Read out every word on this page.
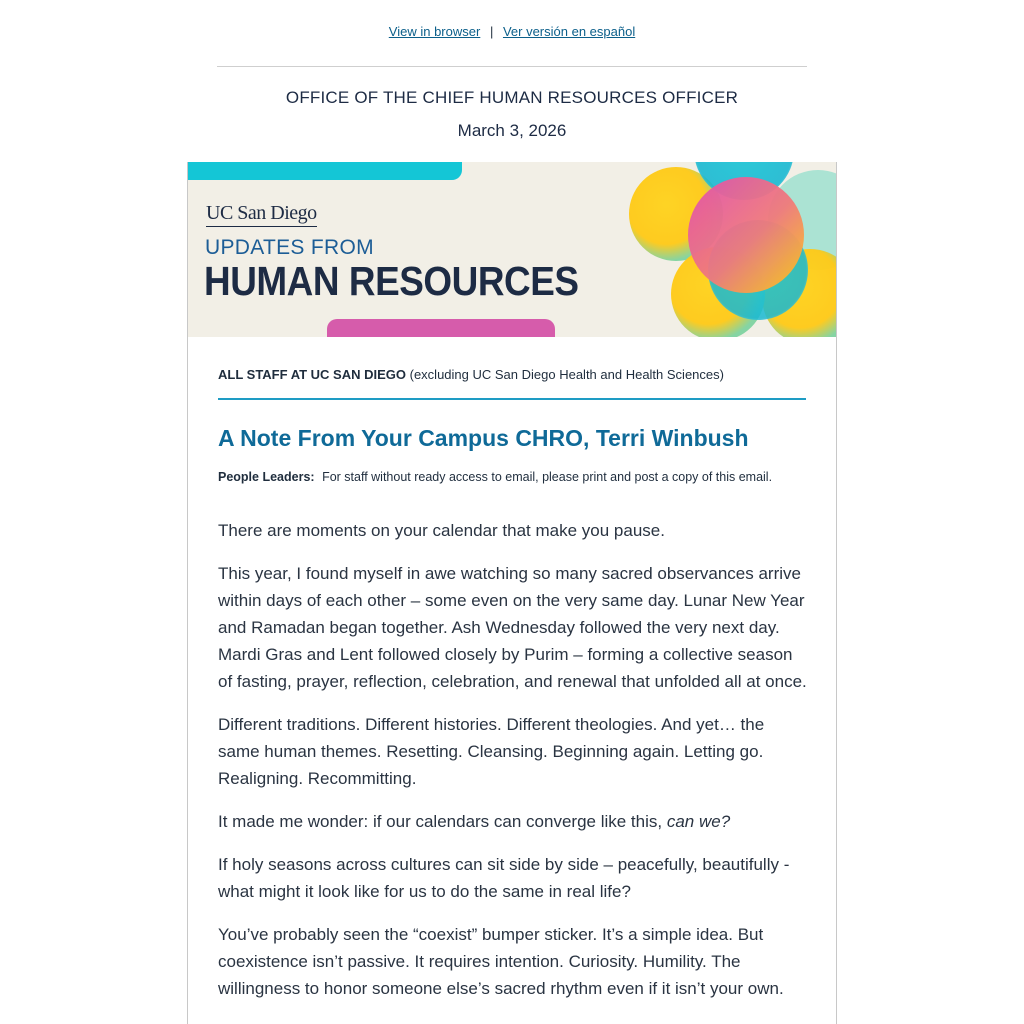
View in browser | Ver versión en español
OFFICE OF THE CHIEF HUMAN RESOURCES OFFICER
March 3, 2026
UC San Diego
UPDATES FROM
HUMAN RESOURCES
ALL STAFF AT UC SAN DIEGO (excluding UC San Diego Health and Health Sciences)
A Note From Your Campus CHRO, Terri Winbush
People Leaders: For staff without ready access to email, please print and post a copy of this email.

There are moments on your calendar that make you pause.

This year, I found myself in awe watching so many sacred observances arrive within days of each other – some even on the very same day. Lunar New Year and Ramadan began together. Ash Wednesday followed the very next day. Mardi Gras and Lent followed closely by Purim – forming a collective season of fasting, prayer, reflection, celebration, and renewal that unfolded all at once.

Different traditions. Different histories. Different theologies. And yet… the same human themes. Resetting. Cleansing. Beginning again. Letting go. Realigning. Recommitting.

It made me wonder: if our calendars can converge like this, can we?

If holy seasons across cultures can sit side by side – peacefully, beautifully - what might it look like for us to do the same in real life?

You’ve probably seen the “coexist” bumper sticker. It’s a simple idea. But coexistence isn’t passive. It requires intention. Curiosity. Humility. The willingness to honor someone else’s sacred rhythm even if it isn’t your own.
